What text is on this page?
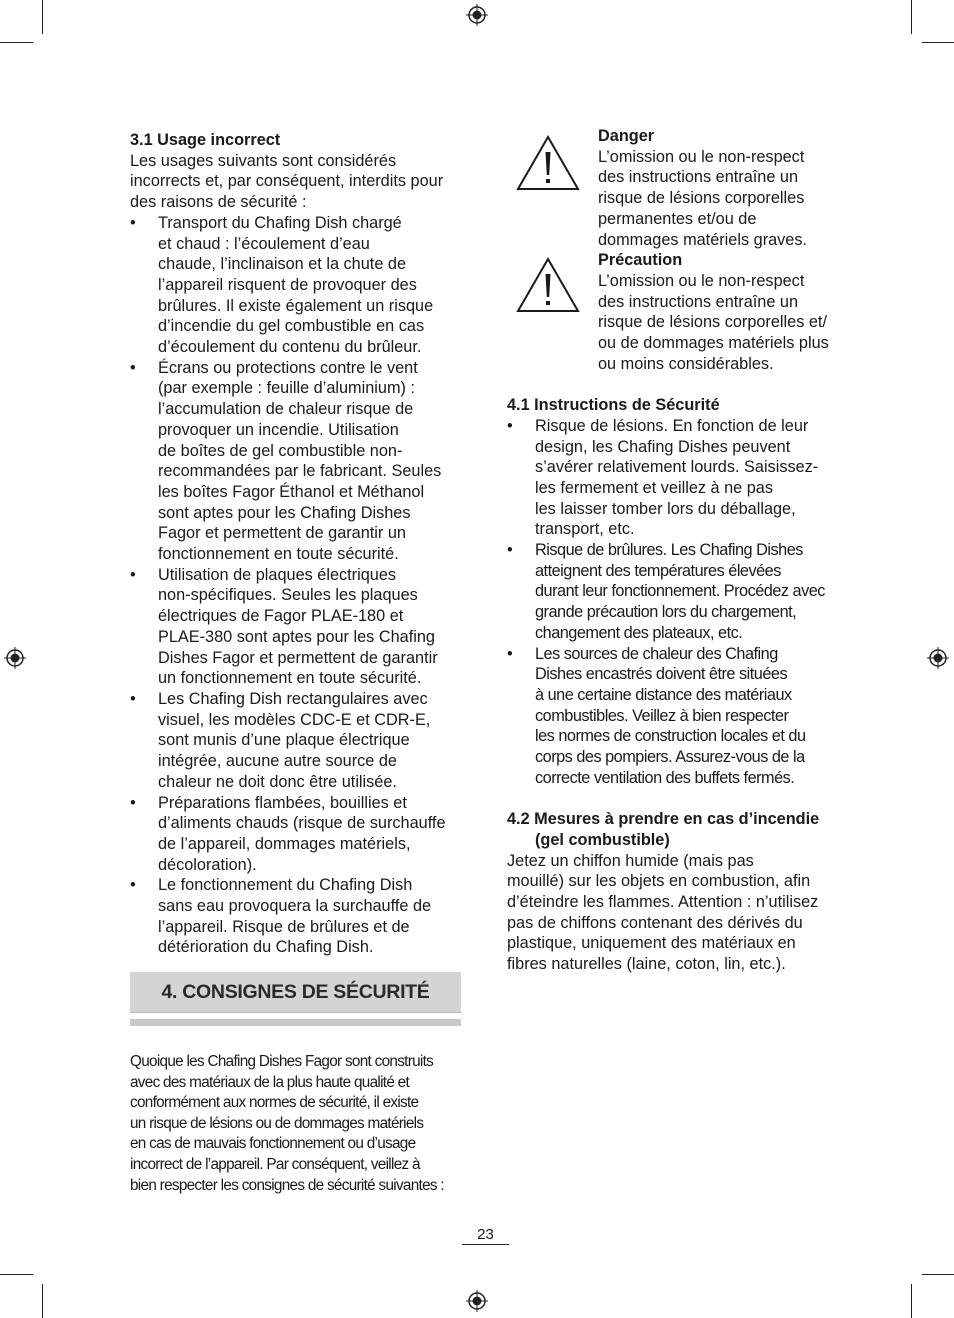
3.1 Usage incorrect

Les usages suivants sont considérés
incorrects et, par conséquent, interdits pour
des raisons de sécurité :
• Transport du Chafing Dish chargé
et chaud : l’écoulement d’eau
chaude, l’inclinaison et la chute de
l’appareil risquent de provoquer des
brûlures. Il existe également un risque
d’incendie du gel combustible en cas
d’écoulement du contenu du brûleur.
• Écrans ou protections contre le vent
(par exemple : feuille d’aluminium) :
l’accumulation de chaleur risque de
provoquer un incendie. Utilisation
de boîtes de gel combustible non-
recommandées par le fabricant. Seules
les boîtes Fagor Éthanol et Méthanol
sont aptes pour les Chafing Dishes
Fagor et permettent de garantir un
fonctionnement en toute sécurité.
• Utilisation de plaques électriques
non-spécifiques. Seules les plaques
électriques de Fagor PLAE-180 et
PLAE-380 sont aptes pour les Chafing
Dishes Fagor et permettent de garantir
un fonctionnement en toute sécurité.
• Les Chafing Dish rectangulaires avec
visuel, les modèles CDC-E et CDR-E,
sont munis d’une plaque électrique
intégrée, aucune autre source de
chaleur ne doit donc être utilisée.
• Préparations flambées, bouillies et
d’aliments chauds (risque de surchauffe
de l’appareil, dommages matériels,
décoloration).
• Le fonctionnement du Chafing Dish
sans eau provoquera la surchauffe de
l’appareil. Risque de brûlures et de
détérioration du Chafing Dish.
4. CONSIGNES DE SÉCURITÉ
Quoique les Chafing Dishes Fagor sont construits
avec des matériaux de la plus haute qualité et
conformément aux normes de sécurité, il existe
un risque de lésions ou de dommages matériels
en cas de mauvais fonctionnement ou d’usage
incorrect de l’appareil. Par conséquent, veillez à
bien respecter les consignes de sécurité suivantes :
Danger
L’omission ou le non-respect
des instructions entraîne un
risque de lésions corporelles
permanentes et/ou de
dommages matériels graves.
Précaution
L’omission ou le non-respect
des instructions entraîne un
risque de lésions corporelles et/
ou de dommages matériels plus
ou moins considérables.
4.1 Instructions de Sécurité
• Risque de lésions. En fonction de leur
design, les Chafing Dishes peuvent
s’avérer relativement lourds. Saisissez-
les fermement et veillez à ne pas
les laisser tomber lors du déballage,
transport, etc.
• Risque de brûlures. Les Chafing Dishes
atteignent des températures élevées
durant leur fonctionnement. Procédez avec
grande précaution lors du chargement,
changement des plateaux, etc.
• Les sources de chaleur des Chafing
Dishes encastrés doivent être situées
à une certaine distance des matériaux
combustibles. Veillez à bien respecter
les normes de construction locales et du
corps des pompiers. Assurez-vous de la
correcte ventilation des buffets fermés.
4.2 Mesures à prendre en cas d’incendie
(gel combustible)
Jetez un chiffon humide (mais pas
mouillé) sur les objets en combustion, afin
d’éteindre les flammes. Attention : n’utilisez
pas de chiffons contenant des dérivés du
plastique, uniquement des matériaux en
fibres naturelles (laine, coton, lin, etc.).
23
